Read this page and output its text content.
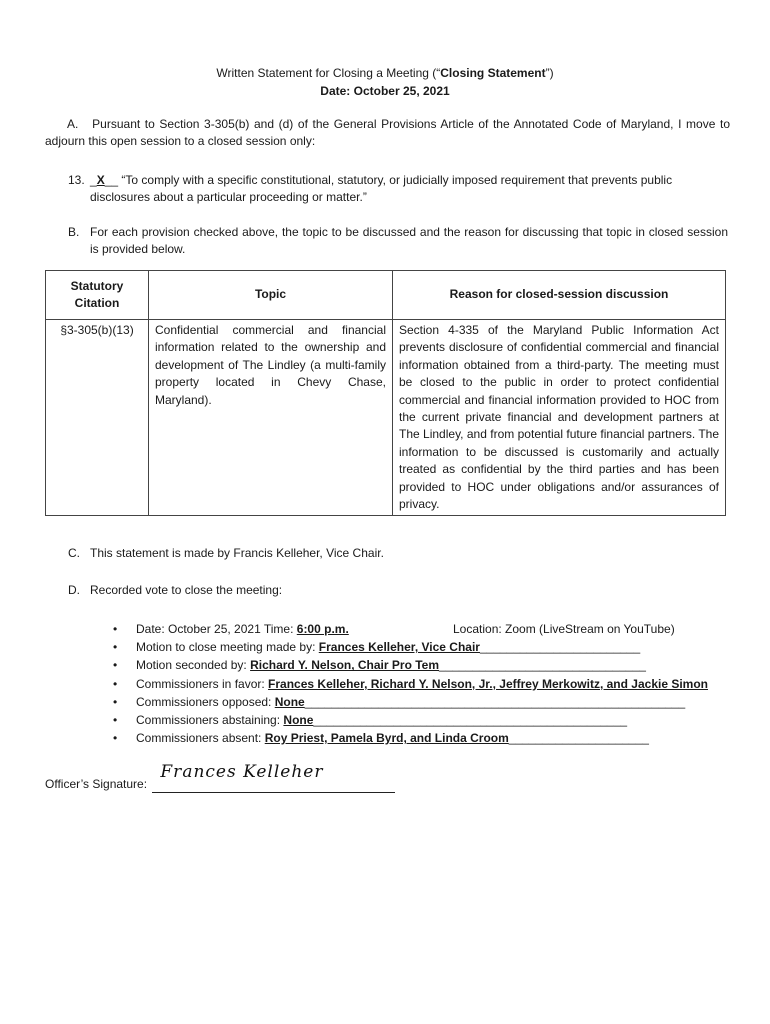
Written Statement for Closing a Meeting (“Closing Statement”)
Date: October 25, 2021
A. Pursuant to Section 3-305(b) and (d) of the General Provisions Article of the Annotated Code of Maryland, I move to adjourn this open session to a closed session only:
13. _X__ “To comply with a specific constitutional, statutory, or judicially imposed requirement that prevents public disclosures about a particular proceeding or matter.”
B. For each provision checked above, the topic to be discussed and the reason for discussing that topic in closed session is provided below.
Statutory Citation	Topic	Reason for closed-session discussion
§3-305(b)(13)	Confidential commercial and financial information related to the ownership and development of The Lindley (a multi-family property located in Chevy Chase, Maryland).	Section 4-335 of the Maryland Public Information Act prevents disclosure of confidential commercial and financial information obtained from a third-party. The meeting must be closed to the public in order to protect confidential commercial and financial information provided to HOC from the current private financial and development partners at The Lindley, and from potential future financial partners. The information to be discussed is customarily and actually treated as confidential by the third parties and has been provided to HOC under obligations and/or assurances of privacy.
C. This statement is made by Francis Kelleher, Vice Chair.
D. Recorded vote to close the meeting:
• Date: October 25, 2021 Time: 6:00 p.m.	Location: Zoom (LiveStream on YouTube)
• Motion to close meeting made by: Frances Kelleher, Vice Chair________________________
• Motion seconded by: Richard Y. Nelson, Chair Pro Tem_______________________________
• Commissioners in favor: Frances Kelleher, Richard Y. Nelson, Jr., Jeffrey Merkowitz, and Jackie Simon
• Commissioners opposed: None_________________________________________________________
• Commissioners abstaining: None_______________________________________________
• Commissioners absent: Roy Priest, Pamela Byrd, and Linda Croom_____________________
Officer’s Signature:
Frances Kelleher
